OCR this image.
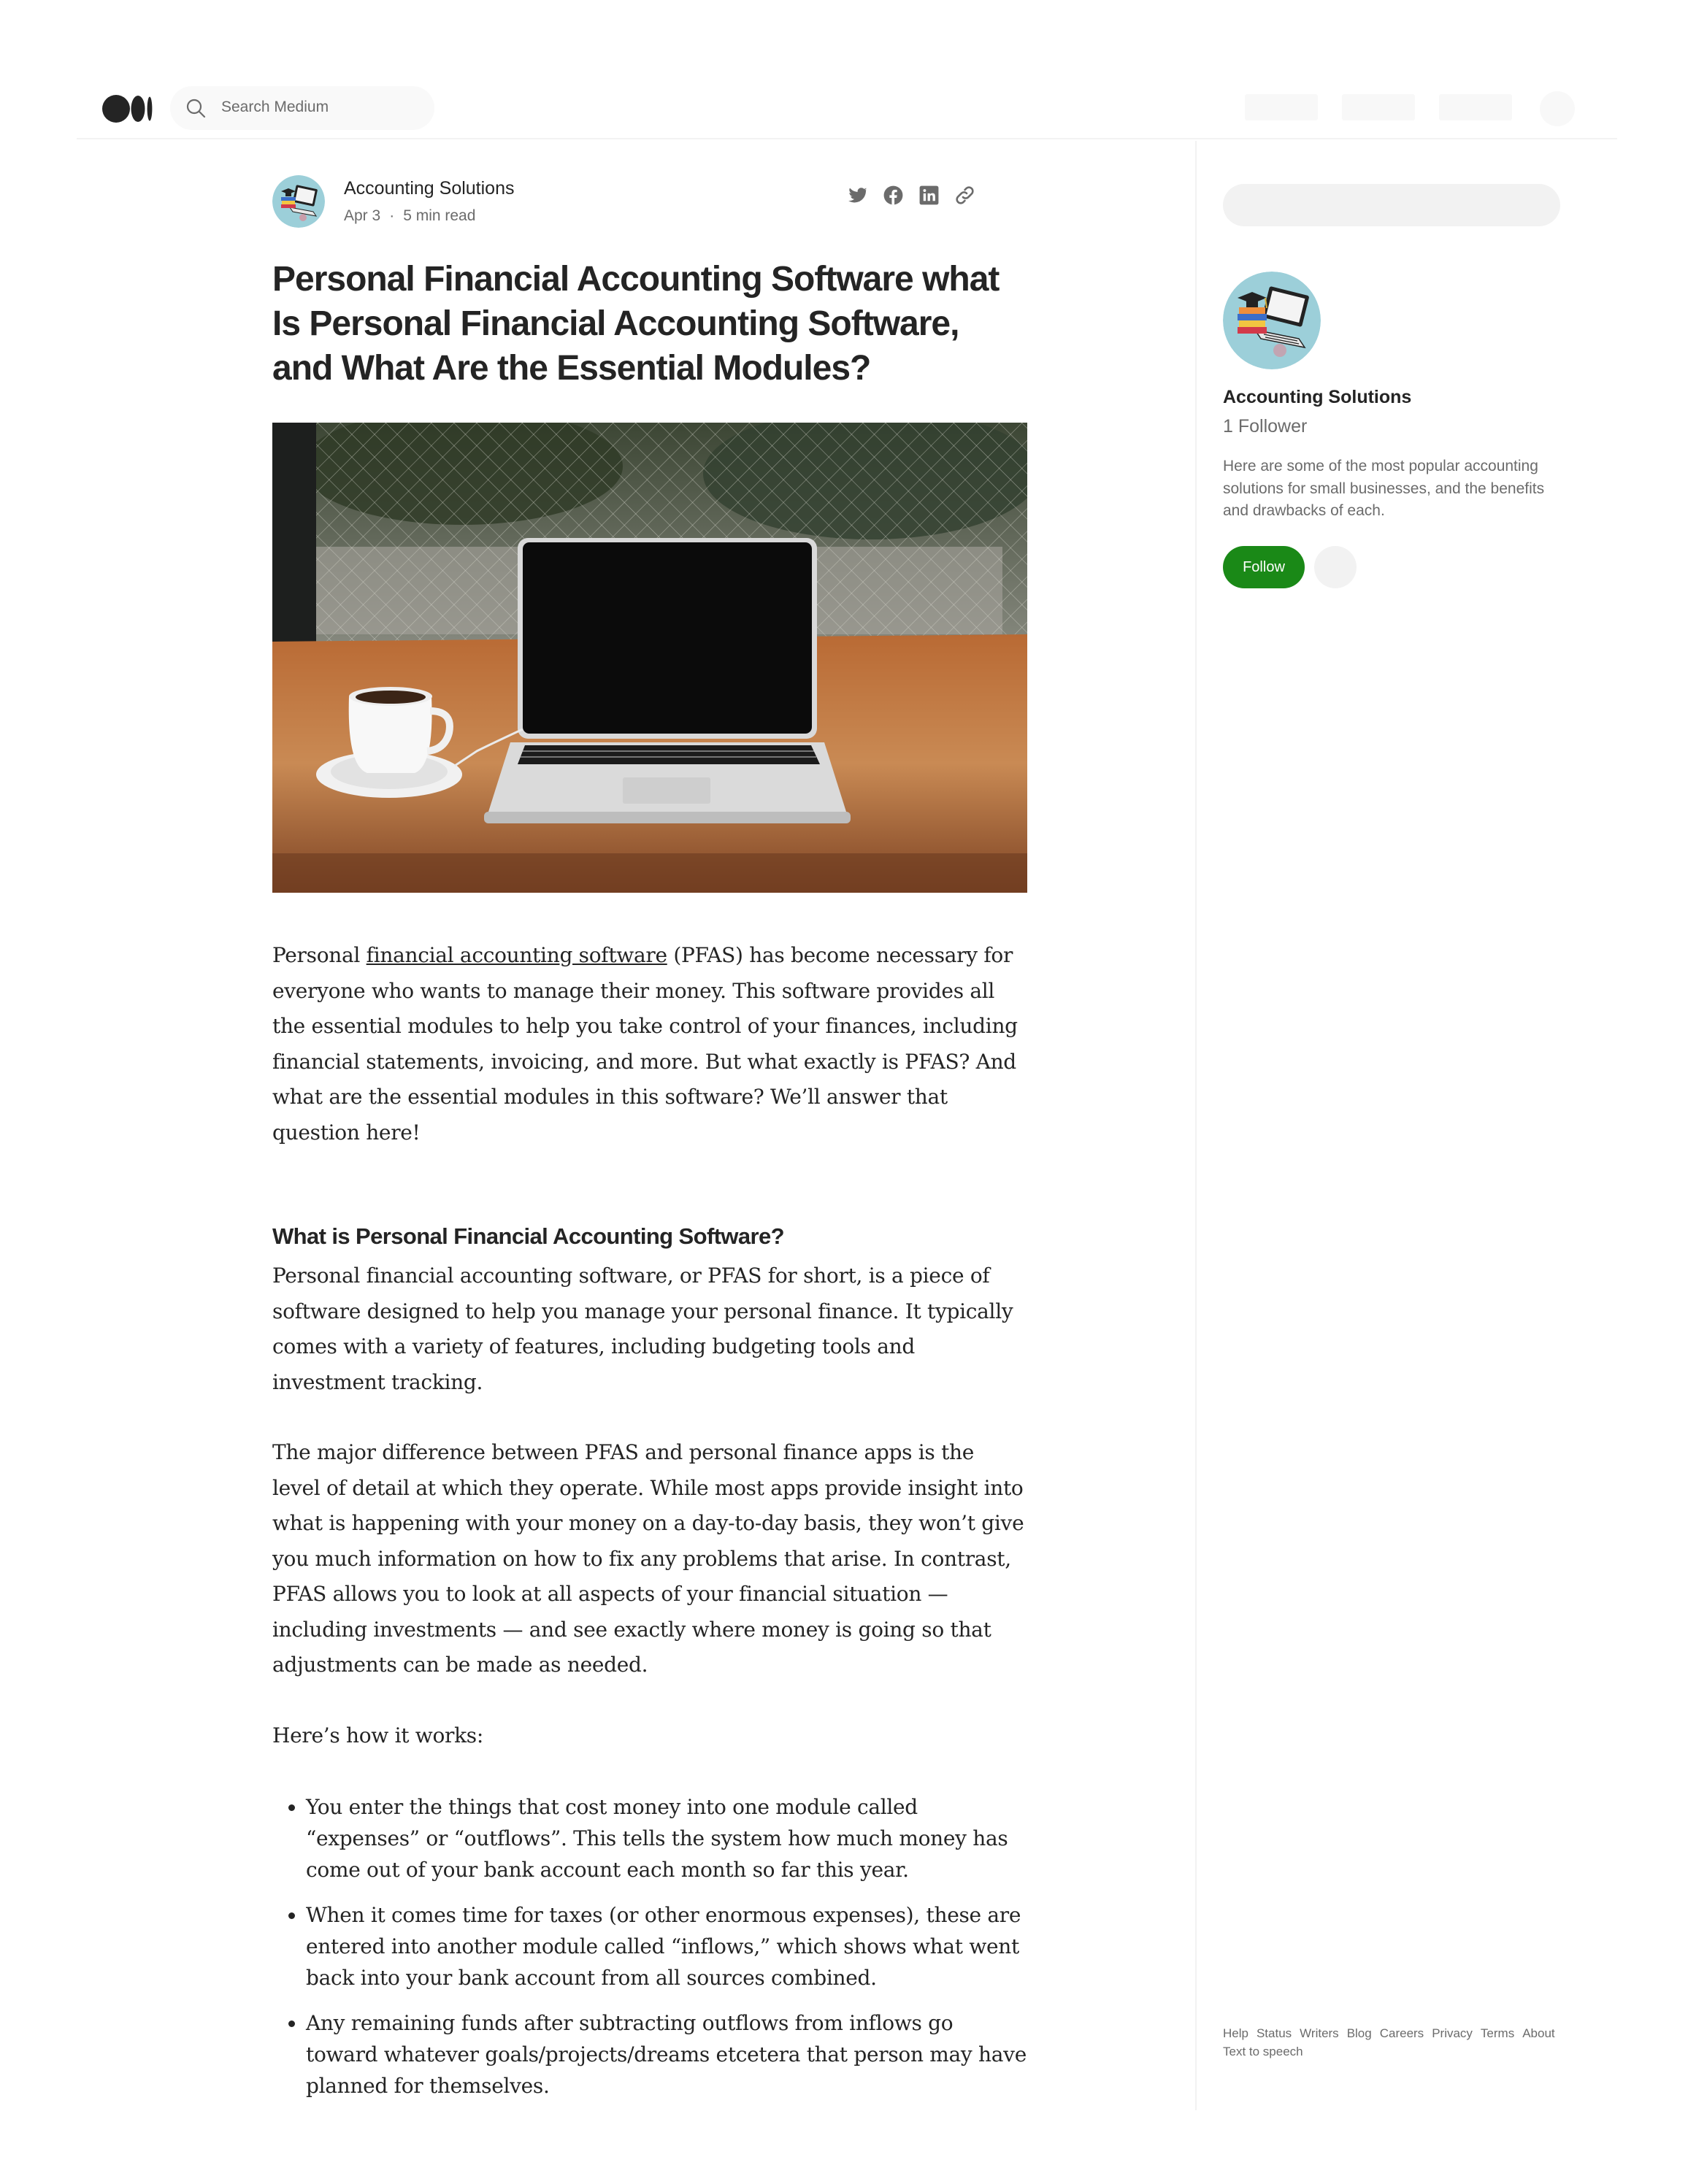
Search Medium
Accounting Solutions
Apr 3 · 5 min read
Personal Financial Accounting Software what Is Personal Financial Accounting Software, and What Are the Essential Modules?

Personal financial accounting software (PFAS) has become necessary for everyone who wants to manage their money. This software provides all the essential modules to help you take control of your finances, including financial statements, invoicing, and more. But what exactly is PFAS? And what are the essential modules in this software? We’ll answer that question here!

What is Personal Financial Accounting Software?

Personal financial accounting software, or PFAS for short, is a piece of software designed to help you manage your personal finance. It typically comes with a variety of features, including budgeting tools and investment tracking.

The major difference between PFAS and personal finance apps is the level of detail at which they operate. While most apps provide insight into what is happening with your money on a day-to-day basis, they won’t give you much information on how to fix any problems that arise. In contrast, PFAS allows you to look at all aspects of your financial situation — including investments — and see exactly where money is going so that adjustments can be made as needed.

Here’s how it works:

• You enter the things that cost money into one module called “expenses” or “outflows”. This tells the system how much money has come out of your bank account each month so far this year.
• When it comes time for taxes (or other enormous expenses), these are entered into another module called “inflows,” which shows what went back into your bank account from all sources combined.
• Any remaining funds after subtracting outflows from inflows go toward whatever goals/projects/dreams etcetera that person may have planned for themselves.
Accounting Solutions
1 Follower
Here are some of the most popular accounting solutions for small businesses, and the benefits and drawbacks of each.
Follow
Help Status Writers Blog Careers Privacy Terms About
Text to speech
